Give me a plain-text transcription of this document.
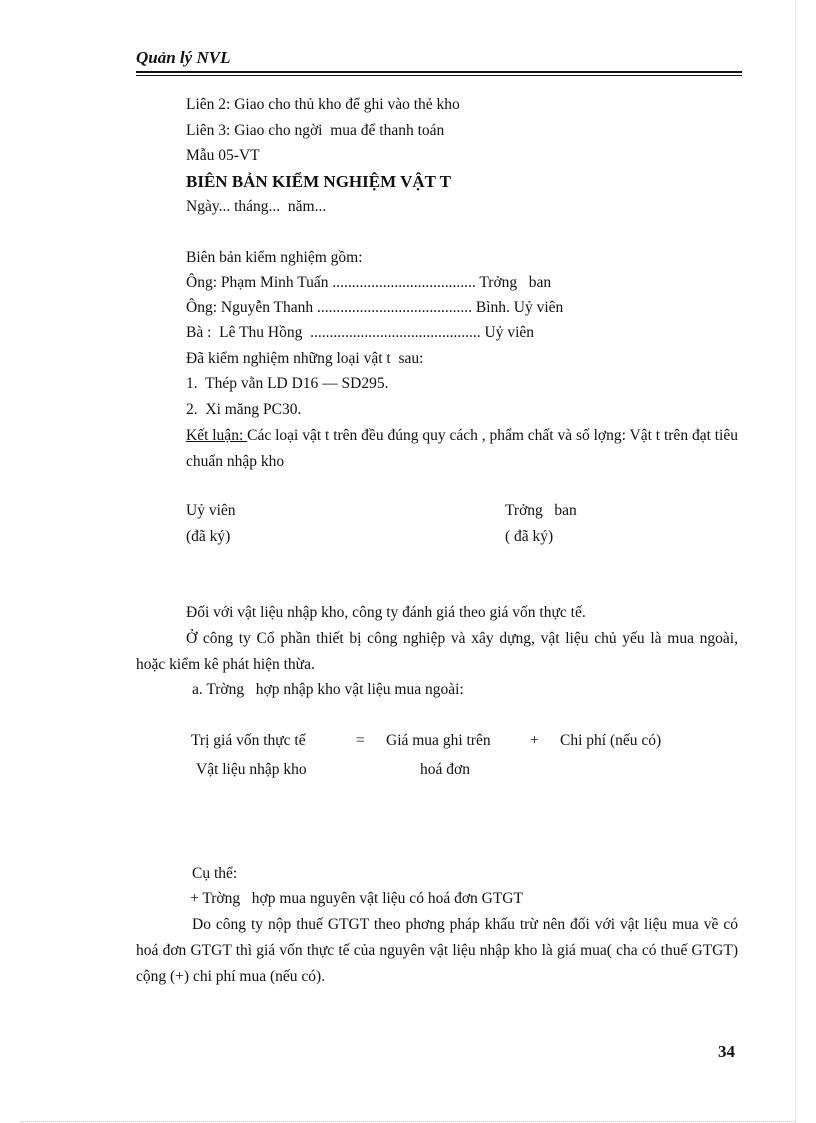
Quản lý NVL
Liên 2: Giao cho thủ kho để ghi vào thẻ kho
Liên 3: Giao cho ngời  mua để thanh toán
Mẫu 05-VT
BIÊN BẢN KIỂM NGHIỆM VẬT T
Ngày... tháng...  năm...
Biên bản kiểm nghiệm gồm:
Ông: Phạm Minh Tuấn ..................................... Trởng   ban
Ông: Nguyễn Thanh ........................................ Bình. Uỷ viên
Bà :  Lê Thu Hồng  ............................................ Uỷ viên
Đã kiểm nghiệm những loại vật t  sau:
1.  Thép vằn LD D16 — SD295.
2.  Xi măng PC30.
Kết luận: Các loại vật t trên đều đúng quy cách , phẩm chất và số lợng: Vật t trên đạt tiêu chuẩn nhập kho
Uỷ viên
(đã ký)
Trởng   ban
( đã ký)
Đối với vật liệu nhập kho, công ty đánh giá theo giá vốn thực tế.
Ở công ty Cổ phần thiết bị công nghiệp và xây dựng, vật liệu chủ yếu là mua ngoài, hoặc kiểm kê phát hiện thừa.
a. Trờng   hợp nhập kho vật liệu mua ngoài:
Trị giá vốn thực tế	= Giá mua ghi trên	+ Chi phí (nếu có)
Vật liệu nhập kho	hoá đơn
Cụ thể:
+ Trờng   hợp mua nguyên vật liệu có hoá đơn GTGT
Do công ty nộp thuế GTGT theo phơng pháp khấu trừ nên đối với vật liệu mua về có hoá đơn GTGT thì giá vốn thực tế của nguyên vật liệu nhập kho là giá mua( cha có thuế GTGT) cộng (+) chi phí mua (nếu có).
34
